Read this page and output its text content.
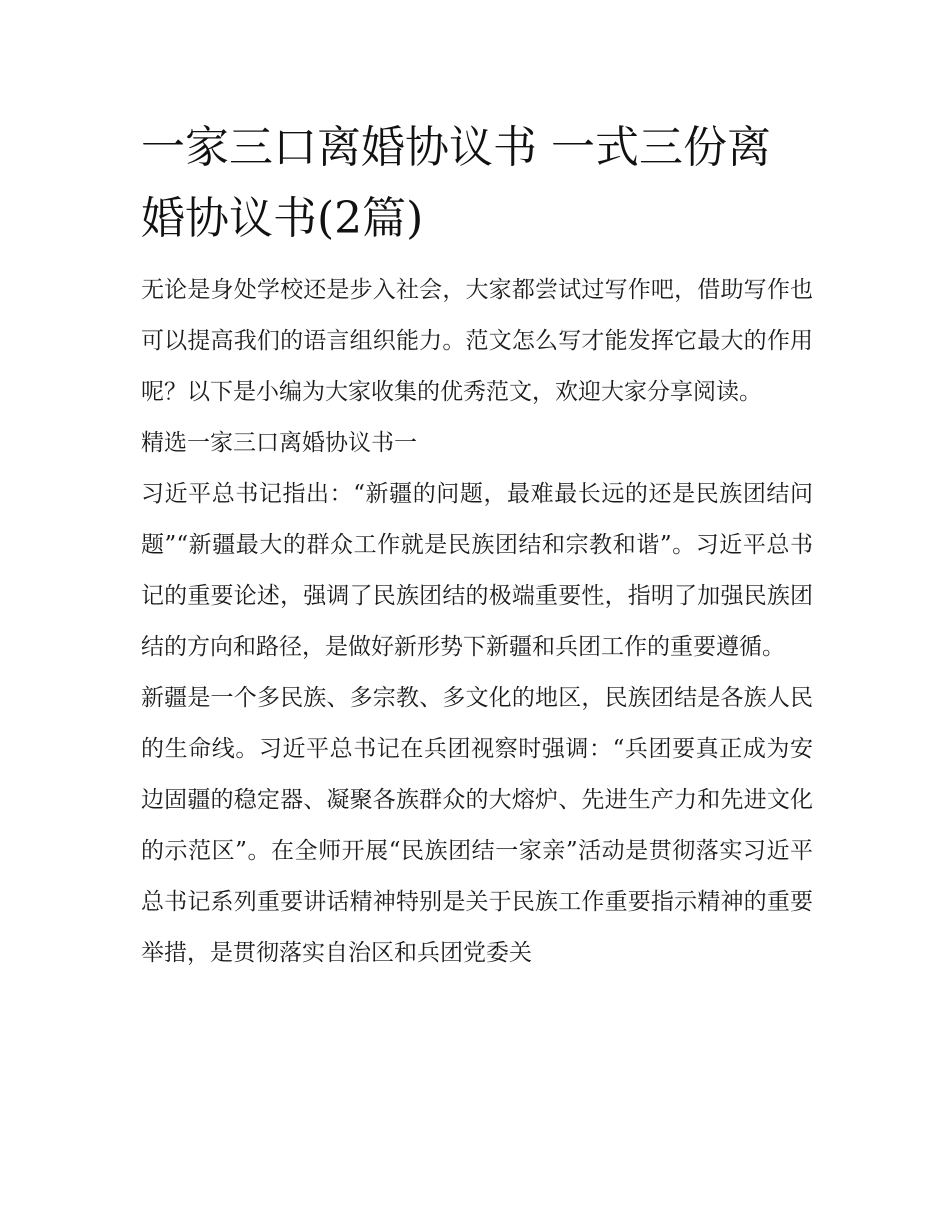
一家三口离婚协议书 一式三份离婚协议书(2篇)

无论是身处学校还是步入社会，大家都尝试过写作吧，借助写作也可以提高我们的语言组织能力。范文怎么写才能发挥它最大的作用呢？以下是小编为大家收集的优秀范文，欢迎大家分享阅读。

精选一家三口离婚协议书一

习近平总书记指出：“新疆的问题，最难最长远的还是民族团结问题”“新疆最大的群众工作就是民族团结和宗教和谐”。习近平总书记的重要论述，强调了民族团结的极端重要性，指明了加强民族团结的方向和路径，是做好新形势下新疆和兵团工作的重要遵循。

新疆是一个多民族、多宗教、多文化的地区，民族团结是各族人民的生命线。习近平总书记在兵团视察时强调：“兵团要真正成为安边固疆的稳定器、凝聚各族群众的大熔炉、先进生产力和先进文化的示范区”。在全师开展“民族团结一家亲”活动是贯彻落实习近平总书记系列重要讲话精神特别是关于民族工作重要指示精神的重要举措，是贯彻落实自治区和兵团党委关
